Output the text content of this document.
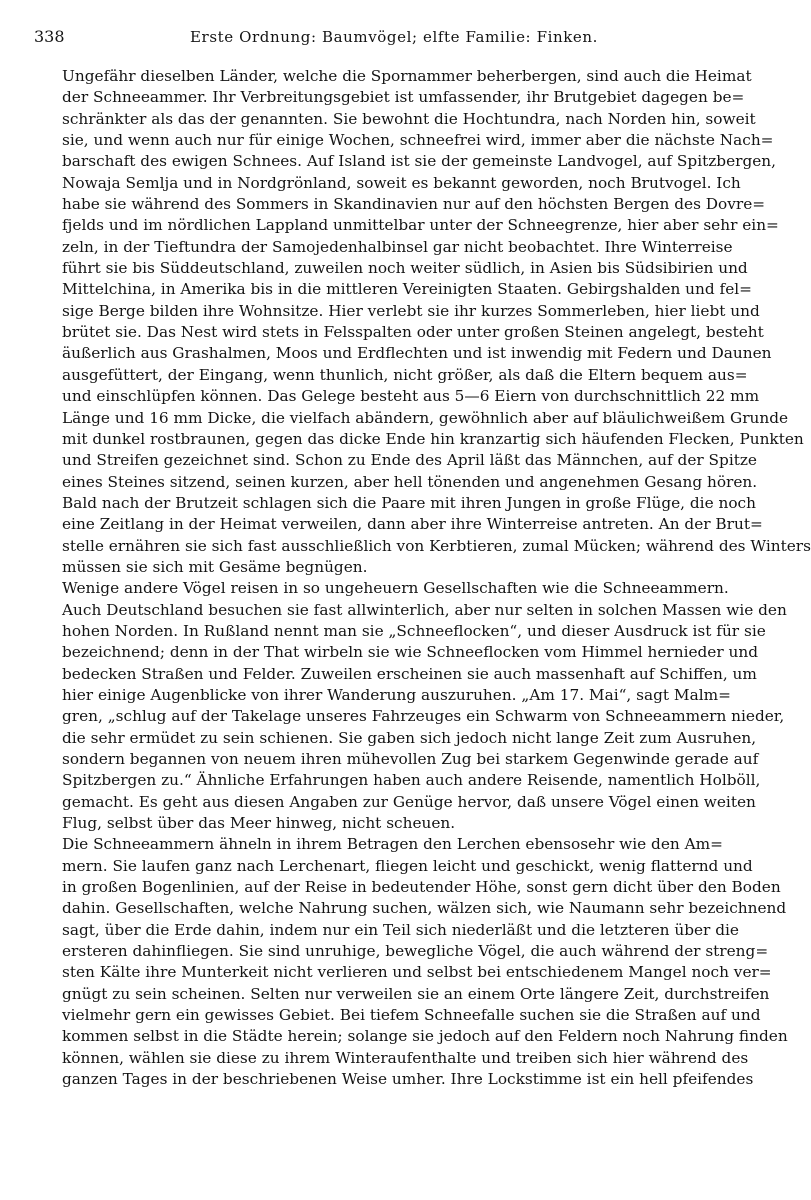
338	Erste Ordnung: Baumvögel; elfte Familie: Finken.
Ungefähr dieselben Länder, welche die Spornammer beherbergen, sind auch die Heimat
der Schneeammer. Ihr Verbreitungsgebiet ist umfassender, ihr Brutgebiet dagegen be=
schränkter als das der genannten. Sie bewohnt die Hochtundra, nach Norden hin, soweit
sie, und wenn auch nur für einige Wochen, schneefrei wird, immer aber die nächste Nach=
barschaft des ewigen Schnees. Auf Island ist sie der gemeinste Landvogel, auf Spitzbergen,
Nowaja Semlja und in Nordgrönland, soweit es bekannt geworden, noch Brutvogel. Ich
habe sie während des Sommers in Skandinavien nur auf den höchsten Bergen des Dovre=
fjelds und im nördlichen Lappland unmittelbar unter der Schneegrenze, hier aber sehr ein=
zeln, in der Tieftundra der Samojedenhalbinsel gar nicht beobachtet. Ihre Winterreise
führt sie bis Süddeutschland, zuweilen noch weiter südlich, in Asien bis Südsibirien und
Mittelchina, in Amerika bis in die mittleren Vereinigten Staaten. Gebirgshalden und fel=
sige Berge bilden ihre Wohnsitze. Hier verlebt sie ihr kurzes Sommerleben, hier liebt und
brütet sie. Das Nest wird stets in Felsspalten oder unter großen Steinen angelegt, besteht
äußerlich aus Grashalmen, Moos und Erdflechten und ist inwendig mit Federn und Daunen
ausgefüttert, der Eingang, wenn thunlich, nicht größer, als daß die Eltern bequem aus=
und einschlüpfen können. Das Gelege besteht aus 5—6 Eiern von durchschnittlich 22 mm
Länge und 16 mm Dicke, die vielfach abändern, gewöhnlich aber auf bläulichweißem Grunde
mit dunkel rostbraunen, gegen das dicke Ende hin kranzartig sich häufenden Flecken, Punkten
und Streifen gezeichnet sind. Schon zu Ende des April läßt das Männchen, auf der Spitze
eines Steines sitzend, seinen kurzen, aber hell tönenden und angenehmen Gesang hören.
Bald nach der Brutzeit schlagen sich die Paare mit ihren Jungen in große Flüge, die noch
eine Zeitlang in der Heimat verweilen, dann aber ihre Winterreise antreten. An der Brut=
stelle ernähren sie sich fast ausschließlich von Kerbtieren, zumal Mücken; während des Winters
müssen sie sich mit Gesäme begnügen.
Wenige andere Vögel reisen in so ungeheuern Gesellschaften wie die Schneeammern.
Auch Deutschland besuchen sie fast allwinterlich, aber nur selten in solchen Massen wie den
hohen Norden. In Rußland nennt man sie „Schneeflocken“, und dieser Ausdruck ist für sie
bezeichnend; denn in der That wirbeln sie wie Schneeflocken vom Himmel hernieder und
bedecken Straßen und Felder. Zuweilen erscheinen sie auch massenhaft auf Schiffen, um
hier einige Augenblicke von ihrer Wanderung auszuruhen. „Am 17. Mai“, sagt Malm=
gren, „schlug auf der Takelage unseres Fahrzeuges ein Schwarm von Schneeammern nieder,
die sehr ermüdet zu sein schienen. Sie gaben sich jedoch nicht lange Zeit zum Ausruhen,
sondern begannen von neuem ihren mühevollen Zug bei starkem Gegenwinde gerade auf
Spitzbergen zu.“ Ähnliche Erfahrungen haben auch andere Reisende, namentlich Holböll,
gemacht. Es geht aus diesen Angaben zur Genüge hervor, daß unsere Vögel einen weiten
Flug, selbst über das Meer hinweg, nicht scheuen.
Die Schneeammern ähneln in ihrem Betragen den Lerchen ebensosehr wie den Am=
mern. Sie laufen ganz nach Lerchenart, fliegen leicht und geschickt, wenig flatternd und
in großen Bogenlinien, auf der Reise in bedeutender Höhe, sonst gern dicht über den Boden
dahin. Gesellschaften, welche Nahrung suchen, wälzen sich, wie Naumann sehr bezeichnend
sagt, über die Erde dahin, indem nur ein Teil sich niederläßt und die letzteren über die
ersteren dahinfliegen. Sie sind unruhige, bewegliche Vögel, die auch während der streng=
sten Kälte ihre Munterkeit nicht verlieren und selbst bei entschiedenem Mangel noch ver=
gnügt zu sein scheinen. Selten nur verweilen sie an einem Orte längere Zeit, durchstreifen
vielmehr gern ein gewisses Gebiet. Bei tiefem Schneefalle suchen sie die Straßen auf und
kommen selbst in die Städte herein; solange sie jedoch auf den Feldern noch Nahrung finden
können, wählen sie diese zu ihrem Winteraufenthalte und treiben sich hier während des
ganzen Tages in der beschriebenen Weise umher. Ihre Lockstimme ist ein hell pfeifendes
